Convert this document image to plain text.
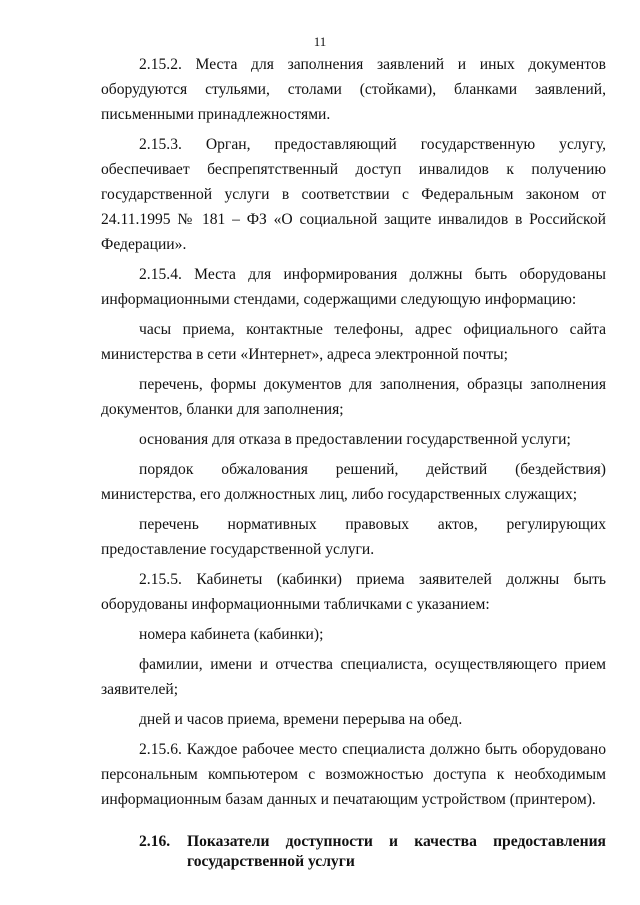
11

2.15.2. Места для заполнения заявлений и иных документов оборудуются стульями, столами (стойками), бланками заявлений, письменными принадлежностями.

2.15.3. Орган, предоставляющий государственную услугу, обеспечивает беспрепятственный доступ инвалидов к получению государственной услуги в соответствии с Федеральным законом от 24.11.1995 № 181 – ФЗ «О социальной защите инвалидов в Российской Федерации».

2.15.4. Места для информирования должны быть оборудованы информационными стендами, содержащими следующую информацию:

часы приема, контактные телефоны, адрес официального сайта министерства в сети «Интернет», адреса электронной почты;

перечень, формы документов для заполнения, образцы заполнения документов, бланки для заполнения;

основания для отказа в предоставлении государственной услуги;

порядок обжалования решений, действий (бездействия) министерства, его должностных лиц, либо государственных служащих;

перечень нормативных правовых актов, регулирующих предоставление государственной услуги.

2.15.5. Кабинеты (кабинки) приема заявителей должны быть оборудованы информационными табличками с указанием:

номера кабинета (кабинки);

фамилии, имени и отчества специалиста, осуществляющего прием заявителей;

дней и часов приема, времени перерыва на обед.

2.15.6. Каждое рабочее место специалиста должно быть оборудовано персональным компьютером с возможностью доступа к необходимым информационным базам данных и печатающим устройством (принтером).

2.16.	Показатели доступности и качества предоставления государственной услуги
